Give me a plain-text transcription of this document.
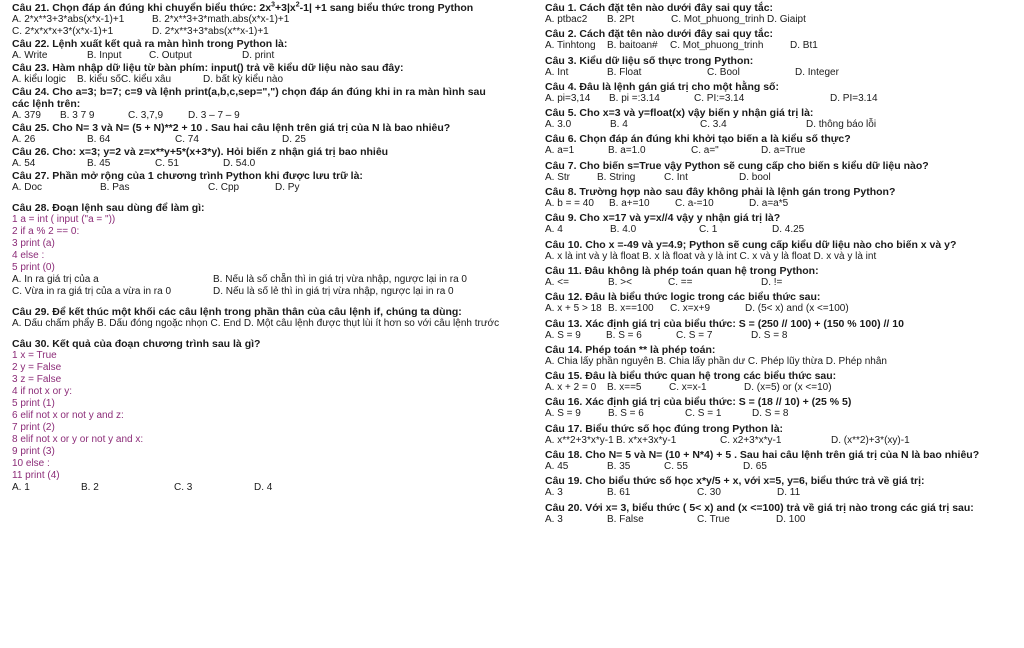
Câu 21. Chọn đáp án đúng khi chuyển biểu thức: $2x^3+3|x^2-1| +1$ sang biểu thức trong Python
A. 2*x**3+3*abs(x*x-1)+1	B. 2*x**3+3*math.abs(x*x-1)+1
C. 2*x*x*x+3*(x*x-1)+1	D. 2*x**3+3*abs(x**x-1)+1
Câu 22. Lệnh xuất kết quả ra màn hình trong Python là:
A. Write	B. Input	C. Output	D. print
Câu 23. Hàm nhập dữ liệu từ bàn phím: input() trả về kiểu dữ liệu nào sau đây:
A. kiểu logic	B. kiểu số C. kiểu xâu	D. bất kỳ kiểu nào
Câu 24. Cho a=3; b=7; c=9 và lệnh print(a,b,c,sep=",") chọn đáp án đúng khi in ra màn hình sau các lệnh trên:
A. 379	B. 3 7 9	C. 3,7,9	D. 3 – 7 – 9
Câu 25. Cho N= 3 và N= (5 + N)**2 + 10 . Sau hai câu lệnh trên giá trị của N là bao nhiêu?
A. 26	B. 64	C. 74	D. 25
Câu 26. Cho: x=3; y=2 và z=x**y+5*(x+3*y). Hỏi biến z nhận giá trị bao nhiêu
A. 54	B. 45	C. 51	D. 54.0
Câu 27. Phần mở rộng của 1 chương trình Python khi được lưu trữ là:
A. Doc	B. Pas	C. Cpp	D. Py
Câu 28. Đoạn lệnh sau dùng để làm gì:
1 a = int ( input ("a = "))
2 if a % 2 == 0:
3 print (a)
4 else :
5 print (0)
A. In ra giá trị của a	B. Nếu là số chẵn thì in giá trị vừa nhập, ngược lại in ra 0
C. Vừa in ra giá trị của a vừa in ra 0	D. Nếu là số lẻ thì in giá trị vừa nhập, ngược lại in ra 0
Câu 29. Để kết thúc một khối các câu lệnh trong phần thân của câu lệnh if, chúng ta dùng:
A. Dấu chấm phẩy B. Dấu đóng ngoặc nhọn C. End D. Một câu lệnh được thụt lùi ít hơn so với câu lệnh trước
Câu 30. Kết quả của đoạn chương trình sau là gì?
1 x = True
2 y = False
3 z = False
4 if not x or y:
5 print (1)
6 elif not x or not y and z:
7 print (2)
8 elif not x or y or not y and x:
9 print (3)
10 else :
11 print (4)
A. 1	B. 2	C. 3	D. 4
Câu 1. Cách đặt tên nào dưới đây sai quy tắc:
A. ptbac2	B. 2Pt	C. Mot_phuong_trinh D. Giaipt
Câu 2. Cách đặt tên nào dưới đây sai quy tắc:
A. Tinhtong	B. baitoan#	C. Mot_phuong_trinh	D. Bt1
Câu 3. Kiểu dữ liệu số thực trong Python:
A. Int	B. Float	C. Bool	D. Integer
Câu 4. Đâu là lệnh gán giá trị cho một hằng số:
A. pi=3,14	B. pi =:3.14	C. PI:=3.14	D. PI=3.14
Câu 5. Cho x=3 và y=float(x) vậy biến y nhận giá trị là:
A. 3.0	B. 4	C. 3.4	D. thông báo lỗi
Câu 6. Chọn đáp án đúng khi khởi tạo biến a là kiểu số thực?
A. a=1	B. a=1.0	C. a="	D. a=True
Câu 7. Cho biến s=True vậy Python sẽ cung cấp cho biến s kiểu dữ liệu nào?
A. Str	B. String	C. Int	D. bool
Câu 8. Trường hợp nào sau đây không phải là lệnh gán trong Python?
A. b = = 40	B. a+=10	C. a-=10	D. a=a*5
Câu 9. Cho x=17 và y=x//4 vậy y nhận giá trị là?
A. 4	B. 4.0	C. 1	D. 4.25
Câu 10. Cho x =-49 và y=4.9; Python sẽ cung cấp kiểu dữ liệu nào cho biến x và y?
A. x là int và y là float B. x là float và y là int C. x và y là float D. x và y là int
Câu 11. Đâu không là phép toán quan hệ trong Python:
A. <=	B. ><	C. ==	D. !=
Câu 12. Đâu là biểu thức logic trong các biểu thức sau:
A. x + 5 > 18 B. x==100	C. x=x+9	D. (5< x) and (x <=100)
Câu 13. Xác định giá trị của biểu thức: S = (250 // 100) + (150 % 100) // 10
A. S = 9	B. S = 6	C. S = 7	D. S = 8
Câu 14. Phép toán ** là phép toán:
A. Chia lấy phần nguyên B. Chia lấy phần dư C. Phép lũy thừa D. Phép nhân
Câu 15. Đâu là biểu thức quan hệ trong các biểu thức sau:
A. x + 2 = 0	B. x==5	C. x=x-1	D. (x=5) or (x <=10)
Câu 16. Xác định giá trị của biểu thức: S = (18 // 10) + (25 % 5)
A. S = 9	B. S = 6	C. S = 1	D. S = 8
Câu 17. Biểu thức số học đúng trong Python là:
A. x**2+3*x*y-1 B. x*x+3x*y-1	C. x2+3*x*y-1	D. (x**2)+3*(xy)-1
Câu 18. Cho N= 5 và N= (10 + N*4) + 5 . Sau hai câu lệnh trên giá trị của N là bao nhiêu?
A. 45	B. 35	C. 55	D. 65
Câu 19. Cho biểu thức số học x*y/5 + x, với x=5, y=6, biểu thức trả về giá trị:
A. 3	B. 61	C. 30	D. 11
Câu 20. Với x= 3, biểu thức ( 5< x) and (x <=100) trả về giá trị nào trong các giá trị sau:
A. 3	B. False	C. True	D. 100
